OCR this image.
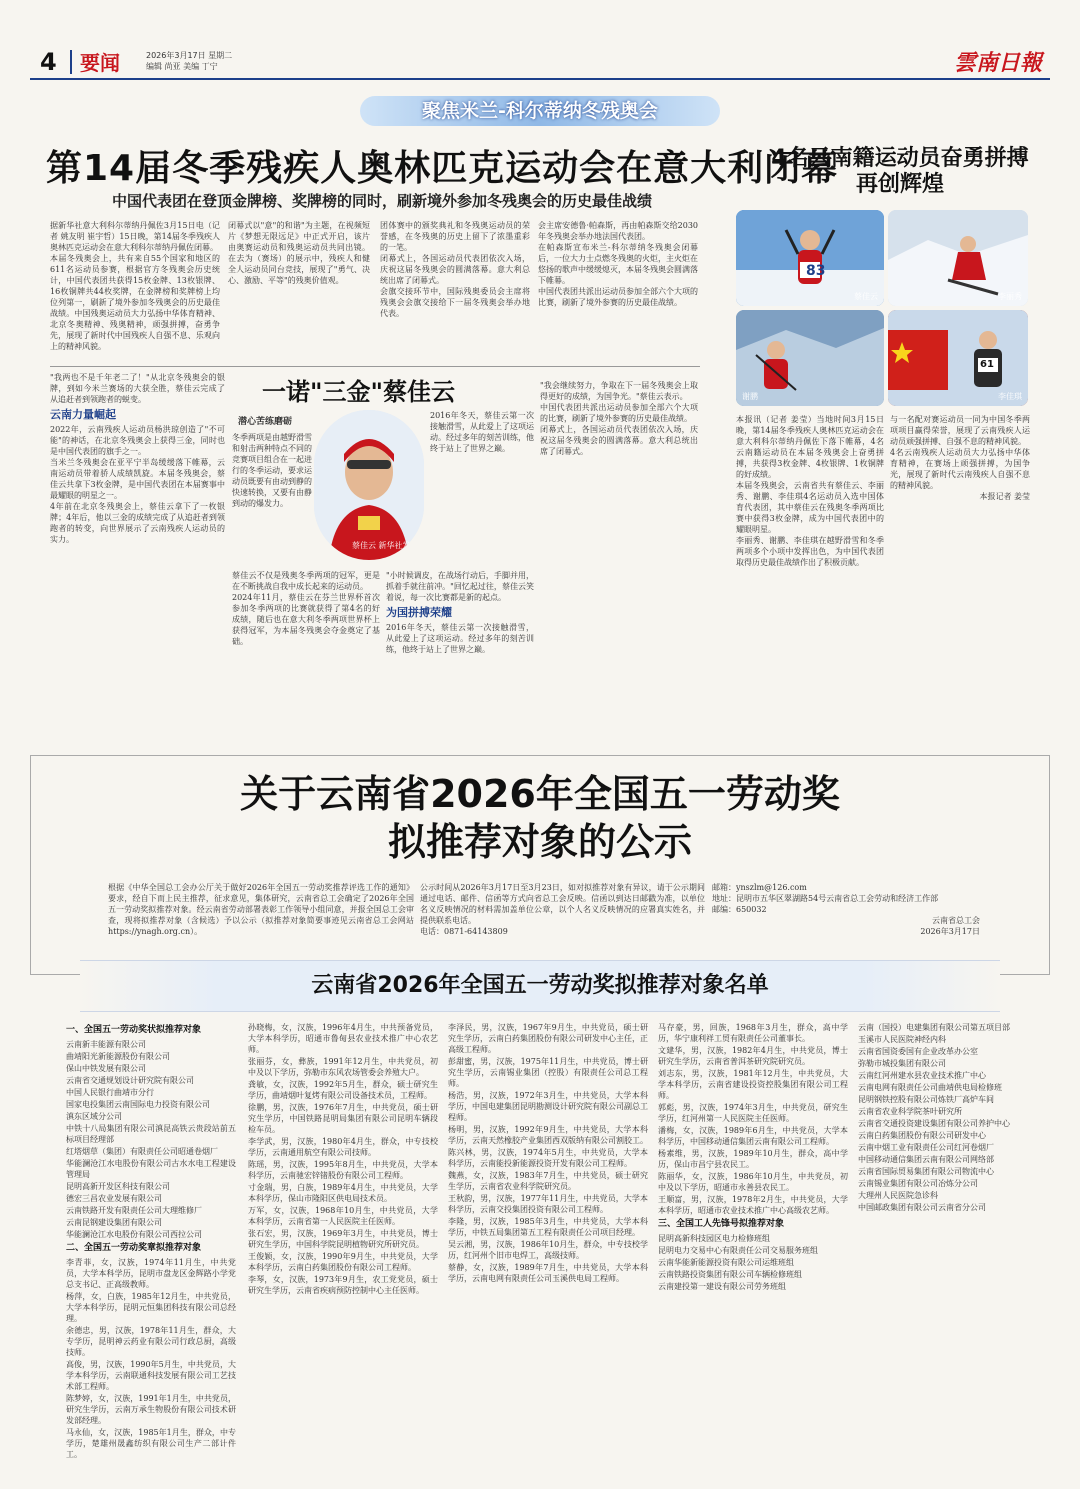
4 要闻	2026年3月17日 星期二
编辑 尚亚 美编 丁宁	雲南日報
聚焦米兰-科尔蒂纳冬残奥会
第14届冬季残疾人奥林匹克运动会在意大利闭幕
中国代表团在登顶金牌榜、奖牌榜的同时，刷新境外参加冬残奥会的历史最佳战绩
4名云南籍运动员奋勇拼搏再创辉煌

据新华社意大利科尔蒂纳丹佩佐3月15日电（记者 姚友明 崔宇哲）15日晚，第14届冬季残疾人奥林匹克运动会在意大利科尔蒂纳丹佩佐闭幕。

本届冬残奥会上，共有来自55个国家和地区的611名运动员参赛，根据官方冬残奥会历史统计，中国代表团共获得15枚金牌、13枚银牌、16枚铜牌共44枚奖牌，在金牌榜和奖牌榜上均位列第一，刷新了境外参加冬残奥会的历史最佳战绩。中国残奥运动员大力弘扬中华体育精神、北京冬奥精神、残奥精神，顽强拼搏，奋勇争先，展现了新时代中国残疾人自强不息、乐观向上的精神风貌。

闭幕式以"意"的和谐"为主题，在视频短片《梦想无限远足》中正式开启，该片由奥赛运动员和残奥运动员共同出镜。在去为（赛场）的展示中，残疾人和健全人运动员同台竞技，展现了"勇气、决心、激励、平等"的残奥价值观。

团体赛中的颁奖典礼和冬残奥运动员的荣誉感，在冬残奥的历史上留下了浓墨重彩的一笔。

闭幕式上，各国运动员代表团依次入场，庆祝这届冬残奥会的圆满落幕。意大利总统出席了闭幕式。

会旗交接环节中，国际残奥委员会主席将残奥会会旗交接给下一届冬残奥会举办地代表。

会主席安德鲁·帕森斯，再由帕森斯交给2030年冬残奥会举办地法国代表团。

在帕森斯宣布米兰-科尔蒂纳冬残奥会闭幕后，一位大力士点燃冬残奥的火炬，主火炬在悠扬的歌声中缓缓熄灭，本届冬残奥会圆满落下帷幕。

中国代表团共派出运动员参加全部六个大项的比赛，刷新了境外参赛的历史最佳战绩。

"我两也不是千年老二了！"从北京冬残奥会的银牌，到如今米兰赛场的大获全胜，蔡佳云完成了从追赶者到领跑者的蜕变。

云南力量崛起

2022年，云南残疾人运动员杨洪琼创造了"不可能"的神话，在北京冬残奥会上获得三金，同时也是中国代表团的旗手之一。

当米兰冬残奥会在亚平宁半岛缓缓落下帷幕，云南运动员带着骄人成绩凯旋。本届冬残奥会，蔡佳云共拿下3枚金牌，是中国代表团在本届赛事中最耀眼的明星之一。

4年前在北京冬残奥会上，蔡佳云拿下了一枚银牌；4年后，他以三金的成绩完成了从追赶者到领跑者的转变，向世界展示了云南残疾人运动员的实力。

一诺"三金"蔡佳云
潜心苦练磨砺
蔡佳云 新华社发

冬季两项是由越野滑雪和射击两种特点不同的竞赛项目组合在一起进行的冬季运动，要求运动员既要有由动到静的快速转换，又要有由静到动的爆发力。

蔡佳云不仅是残奥冬季两项的冠军，更是在不断挑战自我中成长起来的运动员。

2024年11月，蔡佳云在芬兰世界杯首次参加冬季两项的比赛就获得了第4名的好成绩，随后也在意大利冬季两项世界杯上获得冠军，为本届冬残奥会夺金奠定了基础。

"小时候调皮，在战场行动后，手脚并用，抓着手就往前冲。"回忆起过往，蔡佳云笑着说，每一次比赛都是新的起点。

为国拼搏荣耀

2016年冬天，蔡佳云第一次接触滑雪，从此爱上了这项运动。经过多年的刻苦训练，他终于站上了世界之巅。

2016年冬天，蔡佳云第一次接触滑雪，从此爱上了这项运动。经过多年的刻苦训练，他终于站上了世界之巅。

"我会继续努力，争取在下一届冬残奥会上取得更好的成绩，为国争光。"蔡佳云表示。

中国代表团共派出运动员参加全部六个大项的比赛，刷新了境外参赛的历史最佳战绩。

闭幕式上，各国运动员代表团依次入场，庆祝这届冬残奥会的圆满落幕。意大利总统出席了闭幕式。

83
蔡佳云	李丽秀
谢鹏
61
李佳琪

本报讯（记者 姜莹）当地时间3月15日晚，第14届冬季残疾人奥林匹克运动会在意大利科尔蒂纳丹佩佐下落下帷幕，4名云南籍运动员在本届冬残奥会上奋勇拼搏，共获得3枚金牌、4枚银牌、1枚铜牌的好成绩。

本届冬残奥会，云南省共有蔡佳云、李丽秀、谢鹏、李佳琪4名运动员入选中国体育代表团，其中蔡佳云在残奥冬季两项比赛中获得3枚金牌，成为中国代表团中的耀眼明星。

李丽秀、谢鹏、李佳琪在越野滑雪和冬季两项多个小项中发挥出色，为中国代表团取得历史最佳战绩作出了积极贡献。

与一名配对赛运动员一同为中国冬季两项项目赢得荣誉，展现了云南残疾人运动员顽强拼搏、自强不息的精神风貌。

4名云南残疾人运动员大力弘扬中华体育精神，在赛场上顽强拼搏，为国争光，展现了新时代云南残疾人自强不息的精神风貌。

本报记者 姜莹

关于云南省2026年全国五一劳动奖
拟推荐对象的公示

根据《中华全国总工会办公厅关于做好2026年全国五一劳动奖推荐评选工作的通知》要求，经自下而上民主推荐，征求意见，集体研究，云南省总工会确定了2026年全国五一劳动奖拟推荐对象。经云南省劳动部署表彰工作领导小组同意，并报全国总工会审查，现将拟推荐对象（含候选）予以公示（拟推荐对象简要事迹见云南省总工会网站 https://ynagh.org.cn）。

公示时间从2026年3月17日至3月23日，如对拟推荐对象有异议，请于公示期间通过电话、邮件、信函等方式向省总工会反映。信函以到达日邮戳为准，以单位名义反映情况的材料需加盖单位公章，以个人名义反映情况的应署真实姓名，并提供联系电话。

电话：0871-64143809

邮箱：ynszlm@126.com

地址：昆明市五华区翠湖路54号云南省总工会劳动和经济工作部

邮编：650032

云南省总工会

2026年3月17日

云南省2026年全国五一劳动奖拟推荐对象名单
一、全国五一劳动奖状拟推荐对象

云南新丰能源有限公司

曲靖阳光新能源股份有限公司

保山中铁发展有限公司

云南省交通规划设计研究院有限公司

中国人民银行曲靖市分行

国家电投集团云南国际电力投资有限公司

滇东区域分公司

中铁十八局集团有限公司滇昆高铁云贵段站前五标项目经理部

红塔烟草（集团）有限责任公司昭通卷烟厂

华能澜沧江水电股份有限公司古水水电工程建设管理局

昆明高新开发区科技有限公司

德宏三昌农业发展有限公司

云南铁路开发有限责任公司大理维修厂

云南昆钢建设集团有限公司

华能澜沧江水电股份有限公司西拉公司

二、全国五一劳动奖章拟推荐对象

李青菲，女，汉族，1974年11月生，中共党员，大学本科学历，昆明市盘龙区金辉路小学党总支书记、正高级教师。

杨萍，女，白族，1985年12月生，中共党员，大学本科学历，昆明元恒集团科技有限公司总经理。

余德忠，男，汉族，1978年11月生，群众，大专学历，昆明神云药业有限公司行政总厨，高级技师。

高俊，男，汉族，1990年5月生，中共党员，大学本科学历，云南联通科技发展有限公司工艺技术部工程师。

陈梦婷，女，汉族，1991年1月生，中共党员，研究生学历，云南万承生物股份有限公司技术研发部经理。

马永仙，女，汉族，1985年1月生，群众，中专学历，楚雄州晟鑫纺织有限公司生产二部计件工。

孙晓梅，女，汉族，1996年4月生，中共预备党员，大学本科学历，昭通市鲁甸县农业技术推广中心农艺师。

张丽芬，女，彝族，1991年12月生，中共党员，初中及以下学历，弥勒市东风农场管委会养殖大户。

龚敏，女，汉族，1992年5月生，群众，硕士研究生学历，曲靖烟叶复烤有限公司设备技术员，工程师。

徐鹏，男，汉族，1976年7月生，中共党员，硕士研究生学历，中国铁路昆明局集团有限公司昆明车辆段检车员。

李学武，男，汉族，1980年4月生，群众，中专技校学历，云南通用航空有限公司技师。

陈瑶，男，汉族，1995年8月生，中共党员，大学本科学历，云南驰宏锌锗股份有限公司工程师。

寸金瑞，男，白族，1989年4月生，中共党员，大学本科学历，保山市隆阳区供电局技术员。

万军，女，汉族，1968年10月生，中共党员，大学本科学历，云南省第一人民医院主任医师。

张石宏，男，汉族，1969年3月生，中共党员，博士研究生学历，中国科学院昆明植物研究所研究员。

王俊颖，女，汉族，1990年9月生，中共党员，大学本科学历，云南白药集团股份有限公司工程师。

李琴，女，汉族，1973年9月生，农工党党员，硕士研究生学历，云南省疾病预防控制中心主任医师。

李泽民，男，汉族，1967年9月生，中共党员，硕士研究生学历，云南白药集团股份有限公司研发中心主任，正高级工程师。

彭甜蜜，男，汉族，1975年11月生，中共党员，博士研究生学历，云南锡业集团（控股）有限责任公司总工程师。

杨浩，男，汉族，1972年3月生，中共党员，大学本科学历，中国电建集团昆明勘测设计研究院有限公司副总工程师。

杨明，男，汉族，1992年9月生，中共党员，大学本科学历，云南天然橡胶产业集团西双版纳有限公司割胶工。

陈兴林，男，汉族，1974年5月生，中共党员，大学本科学历，云南能投新能源投资开发有限公司工程师。

魏燕，女，汉族，1983年7月生，中共党员，硕士研究生学历，云南省农业科学院研究员。

王秋韵，男，汉族，1977年11月生，中共党员，大学本科学历，云南交投集团投资有限公司工程师。

李隆，男，汉族，1985年3月生，中共党员，大学本科学历，中铁五局集团第五工程有限责任公司项目经理。

吴云湘，男，汉族，1986年10月生，群众，中专技校学历，红河州个旧市电焊工，高级技师。

蔡静，女，汉族，1989年7月生，中共党员，大学本科学历，云南电网有限责任公司玉溪供电局工程师。

马存豪，男，回族，1968年3月生，群众，高中学历，华宁康利祥工贸有限责任公司董事长。

文建华，男，汉族，1982年4月生，中共党员，博士研究生学历，云南省普洱茶研究院研究员。

刘志东，男，汉族，1981年12月生，中共党员，大学本科学历，云南省建设投资控股集团有限公司工程师。

郭彪，男，汉族，1974年3月生，中共党员，研究生学历，红河州第一人民医院主任医师。

潘梅，女，汉族，1989年6月生，中共党员，大学本科学历，中国移动通信集团云南有限公司工程师。

杨素维，男，汉族，1989年10月生，群众，高中学历，保山市昌宁县农民工。

陈丽华，女，汉族，1986年10月生，中共党员，初中及以下学历，昭通市永善县农民工。

王顺富，男，汉族，1978年2月生，中共党员，大学本科学历，昭通市农业技术推广中心高级农艺师。

三、全国工人先锋号拟推荐对象

昆明高新科技园区电力检修班组

昆明电力交易中心有限责任公司交易服务班组

云南华能新能源投资有限公司运维班组

云南铁路投资集团有限公司车辆检修班组

云南建投第一建设有限公司劳务班组

云南（国投）电建集团有限公司第五项目部

玉溪市人民医院神经内科

云南省国资委国有企业改革办公室

弥勒市城投集团有限公司

云南红河州建水县农业技术推广中心

云南电网有限责任公司曲靖供电局检修班

昆明钢铁控股有限公司炼铁厂高炉车间

云南省农业科学院茶叶研究所

云南省交通投资建设集团有限公司养护中心

云南白药集团股份有限公司研发中心

云南中烟工业有限责任公司红河卷烟厂

中国移动通信集团云南有限公司网络部

云南省国际贸易集团有限公司物流中心

云南锡业集团有限公司冶炼分公司

大理州人民医院急诊科

中国邮政集团有限公司云南省分公司
